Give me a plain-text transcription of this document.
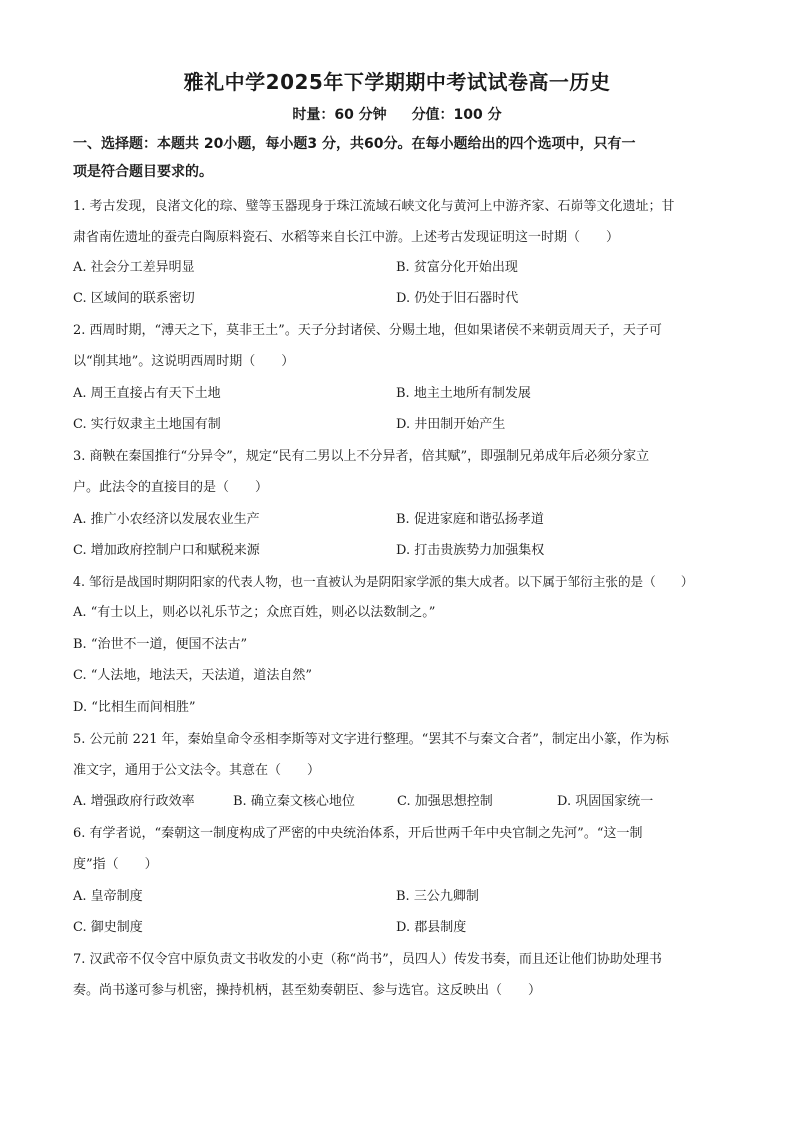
雅礼中学2025年下学期期中考试试卷高一历史
时量：60 分钟 分值：100 分
一、选择题：本题共 20小题，每小题3 分，共60分。在每小题给出的四个选项中，只有一
项是符合题目要求的。
1. 考古发现，良渚文化的琮、璧等玉器现身于珠江流域石峡文化与黄河上中游齐家、石峁等文化遗址；甘
肃省南佐遗址的蚕壳白陶原料瓷石、水稻等来自长江中游。上述考古发现证明这一时期（　　）
A. 社会分工差异明显	B. 贫富分化开始出现
C. 区域间的联系密切	D. 仍处于旧石器时代
2. 西周时期，“溥天之下，莫非王土”。天子分封诸侯、分赐土地，但如果诸侯不来朝贡周天子，天子可
以“削其地”。这说明西周时期（　　）
A. 周王直接占有天下土地	B. 地主土地所有制发展
C. 实行奴隶主土地国有制	D. 井田制开始产生
3. 商鞅在秦国推行“分异令”，规定“民有二男以上不分异者，倍其赋”，即强制兄弟成年后必须分家立
户。此法令的直接目的是（　　）
A. 推广小农经济以发展农业生产	B. 促进家庭和谐弘扬孝道
C. 增加政府控制户口和赋税来源	D. 打击贵族势力加强集权
4. 邹衍是战国时期阴阳家的代表人物，也一直被认为是阴阳家学派的集大成者。以下属于邹衍主张的是（　　）
A. “有士以上，则必以礼乐节之；众庶百姓，则必以法数制之。”
B. “治世不一道，便国不法古”
C. “人法地，地法天，天法道，道法自然”
D. “比相生而间相胜”
5. 公元前 221 年，秦始皇命令丞相李斯等对文字进行整理。“罢其不与秦文合者”，制定出小篆，作为标
准文字，通用于公文法令。其意在（　　）
A. 增强政府行政效率	B. 确立秦文核心地位	C. 加强思想控制	D. 巩固国家统一
6. 有学者说，“秦朝这一制度构成了严密的中央统治体系，开后世两千年中央官制之先河”。“这一制
度”指（　　）
A. 皇帝制度	B. 三公九卿制
C. 御史制度	D. 郡县制度
7. 汉武帝不仅令宫中原负责文书收发的小吏（称“尚书”，员四人）传发书奏，而且还让他们协助处理书
奏。尚书遂可参与机密，操持机柄，甚至劾奏朝臣、参与选官。这反映出（　　）
